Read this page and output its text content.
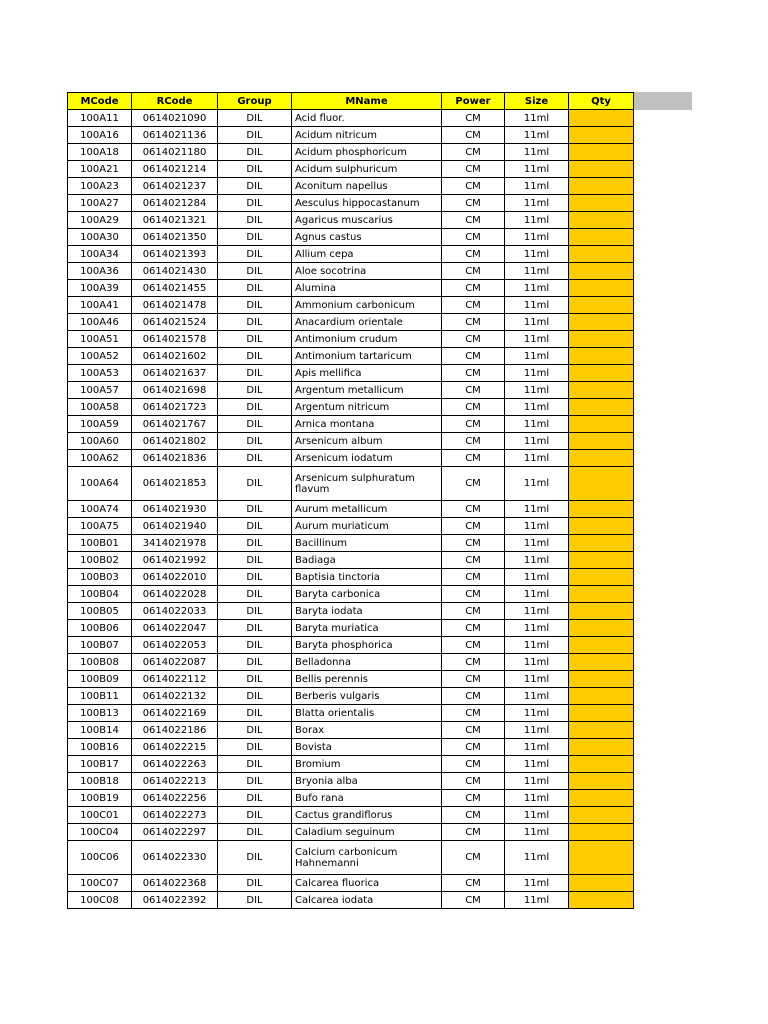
MCode	RCode	Group	MName	Power	Size	Qty
100A11	0614021090	DIL	Acid fluor.	CM	11ml	
100A16	0614021136	DIL	Acidum nitricum	CM	11ml	
100A18	0614021180	DIL	Acidum phosphoricum	CM	11ml	
100A21	0614021214	DIL	Acidum sulphuricum	CM	11ml	
100A23	0614021237	DIL	Aconitum napellus	CM	11ml	
100A27	0614021284	DIL	Aesculus hippocastanum	CM	11ml	
100A29	0614021321	DIL	Agaricus muscarius	CM	11ml	
100A30	0614021350	DIL	Agnus castus	CM	11ml	
100A34	0614021393	DIL	Allium cepa	CM	11ml	
100A36	0614021430	DIL	Aloe socotrina	CM	11ml	
100A39	0614021455	DIL	Alumina	CM	11ml	
100A41	0614021478	DIL	Ammonium carbonicum	CM	11ml	
100A46	0614021524	DIL	Anacardium orientale	CM	11ml	
100A51	0614021578	DIL	Antimonium crudum	CM	11ml	
100A52	0614021602	DIL	Antimonium tartaricum	CM	11ml	
100A53	0614021637	DIL	Apis mellifica	CM	11ml	
100A57	0614021698	DIL	Argentum metallicum	CM	11ml	
100A58	0614021723	DIL	Argentum nitricum	CM	11ml	
100A59	0614021767	DIL	Arnica montana	CM	11ml	
100A60	0614021802	DIL	Arsenicum album	CM	11ml	
100A62	0614021836	DIL	Arsenicum iodatum	CM	11ml	
100A64	0614021853	DIL	Arsenicum sulphuratum flavum	CM	11ml	
100A74	0614021930	DIL	Aurum metallicum	CM	11ml	
100A75	0614021940	DIL	Aurum muriaticum	CM	11ml	
100B01	3414021978	DIL	Bacillinum	CM	11ml	
100B02	0614021992	DIL	Badiaga	CM	11ml	
100B03	0614022010	DIL	Baptisia tinctoria	CM	11ml	
100B04	0614022028	DIL	Baryta carbonica	CM	11ml	
100B05	0614022033	DIL	Baryta iodata	CM	11ml	
100B06	0614022047	DIL	Baryta muriatica	CM	11ml	
100B07	0614022053	DIL	Baryta phosphorica	CM	11ml	
100B08	0614022087	DIL	Belladonna	CM	11ml	
100B09	0614022112	DIL	Bellis perennis	CM	11ml	
100B11	0614022132	DIL	Berberis vulgaris	CM	11ml	
100B13	0614022169	DIL	Blatta orientalis	CM	11ml	
100B14	0614022186	DIL	Borax	CM	11ml	
100B16	0614022215	DIL	Bovista	CM	11ml	
100B17	0614022263	DIL	Bromium	CM	11ml	
100B18	0614022213	DIL	Bryonia alba	CM	11ml	
100B19	0614022256	DIL	Bufo rana	CM	11ml	
100C01	0614022273	DIL	Cactus grandiflorus	CM	11ml	
100C04	0614022297	DIL	Caladium seguinum	CM	11ml	
100C06	0614022330	DIL	Calcium carbonicum Hahnemanni	CM	11ml	
100C07	0614022368	DIL	Calcarea fluorica	CM	11ml	
100C08	0614022392	DIL	Calcarea iodata	CM	11ml	
